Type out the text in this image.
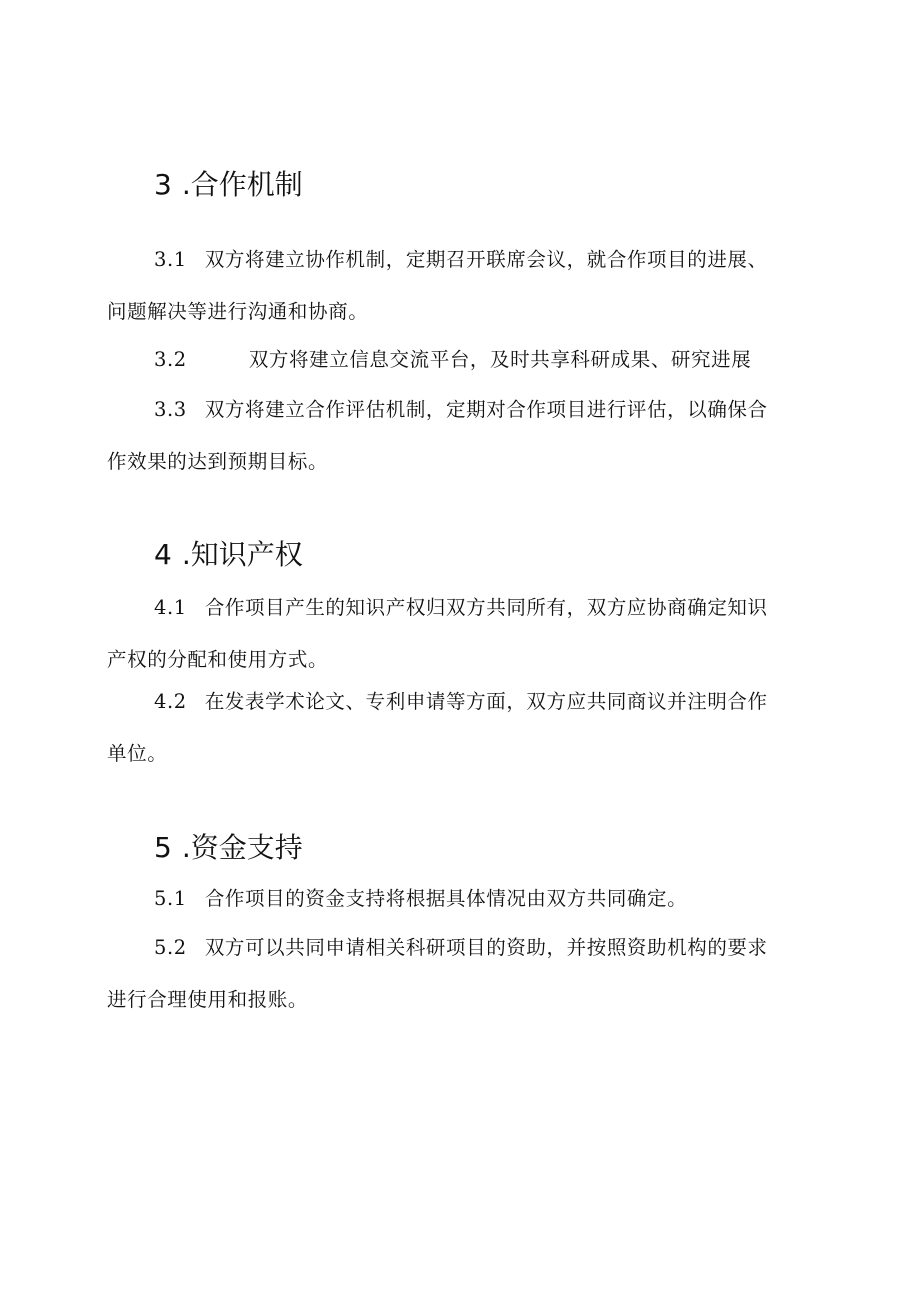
3 .合作机制
3.1 双方将建立协作机制，定期召开联席会议，就合作项目的进展、
问题解决等进行沟通和协商。
3.2	双方将建立信息交流平台，及时共享科研成果、研究进展
3.3 双方将建立合作评估机制，定期对合作项目进行评估，以确保合
作效果的达到预期目标。
4 .知识产权
4.1 合作项目产生的知识产权归双方共同所有，双方应协商确定知识
产权的分配和使用方式。
4.2 在发表学术论文、专利申请等方面，双方应共同商议并注明合作
单位。
5 .资金支持
5.1 合作项目的资金支持将根据具体情况由双方共同确定。
5.2 双方可以共同申请相关科研项目的资助，并按照资助机构的要求
进行合理使用和报账。
